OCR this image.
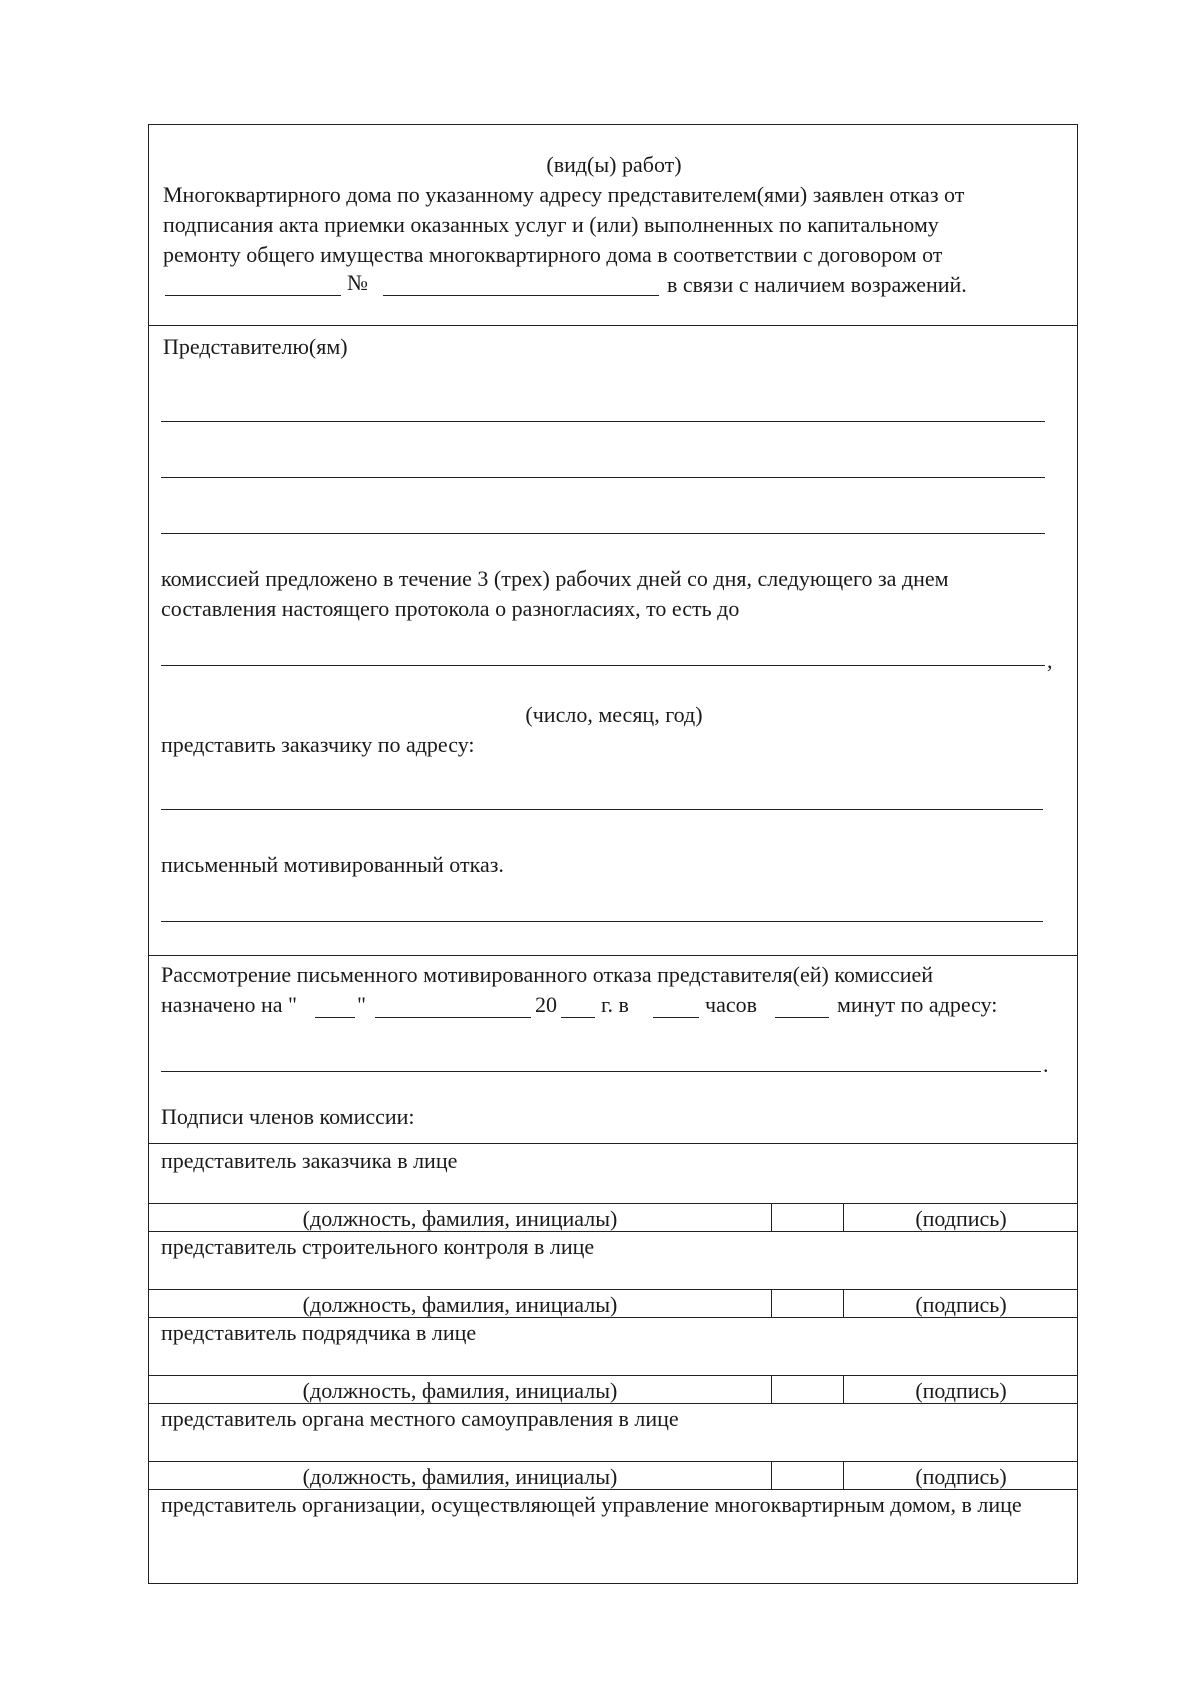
(вид(ы) работ)
Многоквартирного дома по указанному адресу представителем(ями) заявлен отказ от
подписания акта приемки оказанных услуг и (или) выполненных по капитальному
ремонту общего имущества многоквартирного дома в соответствии с договором от
№	в связи с наличием возражений.
Представителю(ям)
комиссией предложено в течение 3 (трех) рабочих дней со дня, следующего за днем
составления настоящего протокола о разногласиях, то есть до
,
(число, месяц, год)
представить заказчику по адресу:
письменный мотивированный отказ.
Рассмотрение письменного мотивированного отказа представителя(ей) комиссией
назначено на "	"	20 г. в	часов	минут по адресу:
.
Подписи членов комиссии:
представитель заказчика в лице
(должность, фамилия, инициалы)	(подпись)
представитель строительного контроля в лице
(должность, фамилия, инициалы)	(подпись)
представитель подрядчика в лице
(должность, фамилия, инициалы)	(подпись)
представитель органа местного самоуправления в лице
(должность, фамилия, инициалы)	(подпись)
представитель организации, осуществляющей управление многоквартирным домом, в лице
